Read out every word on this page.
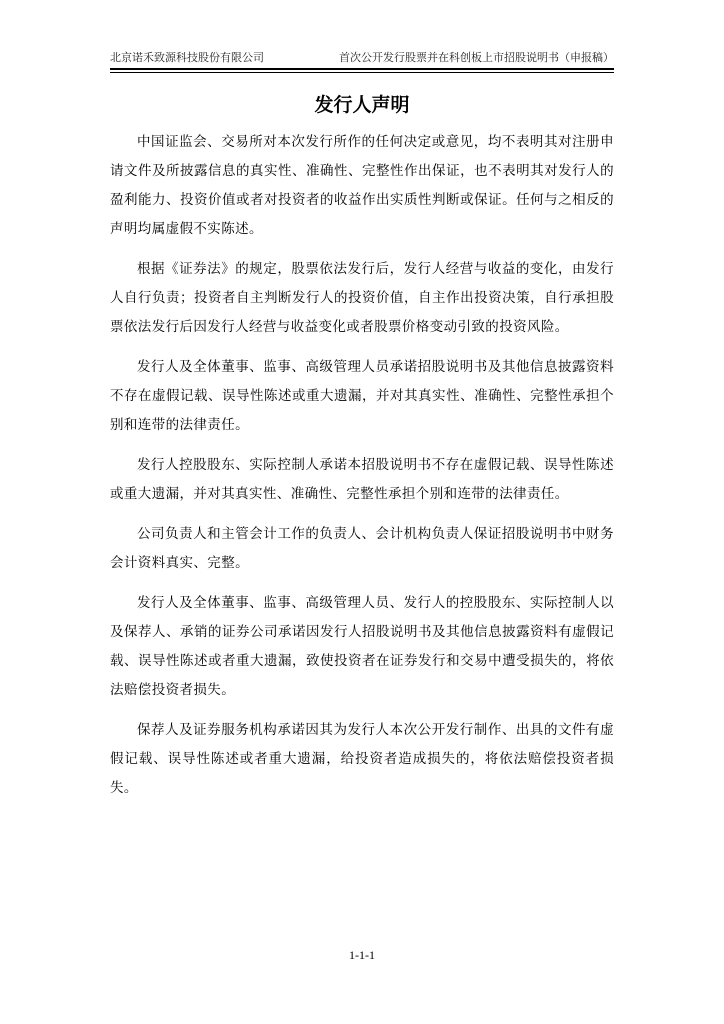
北京诺禾致源科技股份有限公司	首次公开发行股票并在科创板上市招股说明书（申报稿）
发行人声明

中国证监会、交易所对本次发行所作的任何决定或意见，均不表明其对注册申请文件及所披露信息的真实性、准确性、完整性作出保证，也不表明其对发行人的盈利能力、投资价值或者对投资者的收益作出实质性判断或保证。任何与之相反的声明均属虚假不实陈述。

根据《证券法》的规定，股票依法发行后，发行人经营与收益的变化，由发行人自行负责；投资者自主判断发行人的投资价值，自主作出投资决策，自行承担股票依法发行后因发行人经营与收益变化或者股票价格变动引致的投资风险。

发行人及全体董事、监事、高级管理人员承诺招股说明书及其他信息披露资料不存在虚假记载、误导性陈述或重大遗漏，并对其真实性、准确性、完整性承担个别和连带的法律责任。

发行人控股股东、实际控制人承诺本招股说明书不存在虚假记载、误导性陈述或重大遗漏，并对其真实性、准确性、完整性承担个别和连带的法律责任。

公司负责人和主管会计工作的负责人、会计机构负责人保证招股说明书中财务会计资料真实、完整。

发行人及全体董事、监事、高级管理人员、发行人的控股股东、实际控制人以及保荐人、承销的证券公司承诺因发行人招股说明书及其他信息披露资料有虚假记载、误导性陈述或者重大遗漏，致使投资者在证券发行和交易中遭受损失的，将依法赔偿投资者损失。

保荐人及证券服务机构承诺因其为发行人本次公开发行制作、出具的文件有虚假记载、误导性陈述或者重大遗漏，给投资者造成损失的，将依法赔偿投资者损失。

1-1-1
